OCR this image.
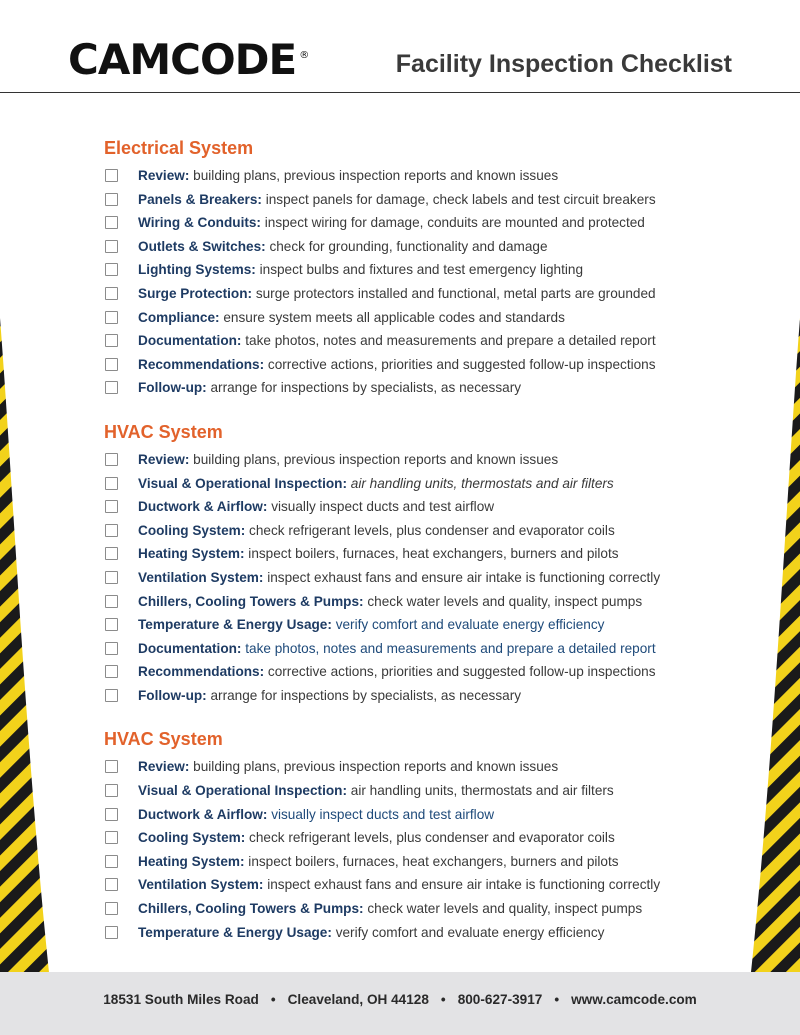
CAMCODE ®	Facility Inspection Checklist
Electrical System
Review: building plans, previous inspection reports and known issues
Panels & Breakers: inspect panels for damage, check labels and test circuit breakers
Wiring & Conduits: inspect wiring for damage, conduits are mounted and protected
Outlets & Switches: check for grounding, functionality and damage
Lighting Systems: inspect bulbs and fixtures and test emergency lighting
Surge Protection: surge protectors installed and functional, metal parts are grounded
Compliance: ensure system meets all applicable codes and standards
Documentation: take photos, notes and measurements and prepare a detailed report
Recommendations: corrective actions, priorities and suggested follow-up inspections
Follow-up: arrange for inspections by specialists, as necessary
HVAC System
Review: building plans, previous inspection reports and known issues
Visual & Operational Inspection: air handling units, thermostats and air filters
Ductwork & Airflow: visually inspect ducts and test airflow
Cooling System: check refrigerant levels, plus condenser and evaporator coils
Heating System: inspect boilers, furnaces, heat exchangers, burners and pilots
Ventilation System: inspect exhaust fans and ensure air intake is functioning correctly
Chillers, Cooling Towers & Pumps: check water levels and quality, inspect pumps
Temperature & Energy Usage: verify comfort and evaluate energy efficiency
Documentation: take photos, notes and measurements and prepare a detailed report
Recommendations: corrective actions, priorities and suggested follow-up inspections
Follow-up: arrange for inspections by specialists, as necessary
HVAC System
Review: building plans, previous inspection reports and known issues
Visual & Operational Inspection: air handling units, thermostats and air filters
Ductwork & Airflow: visually inspect ducts and test airflow
Cooling System: check refrigerant levels, plus condenser and evaporator coils
Heating System: inspect boilers, furnaces, heat exchangers, burners and pilots
Ventilation System: inspect exhaust fans and ensure air intake is functioning correctly
Chillers, Cooling Towers & Pumps: check water levels and quality, inspect pumps
Temperature & Energy Usage: verify comfort and evaluate energy efficiency
18531 South Miles Road • Cleaveland, OH 44128 • 800-627-3917 • www.camcode.com
